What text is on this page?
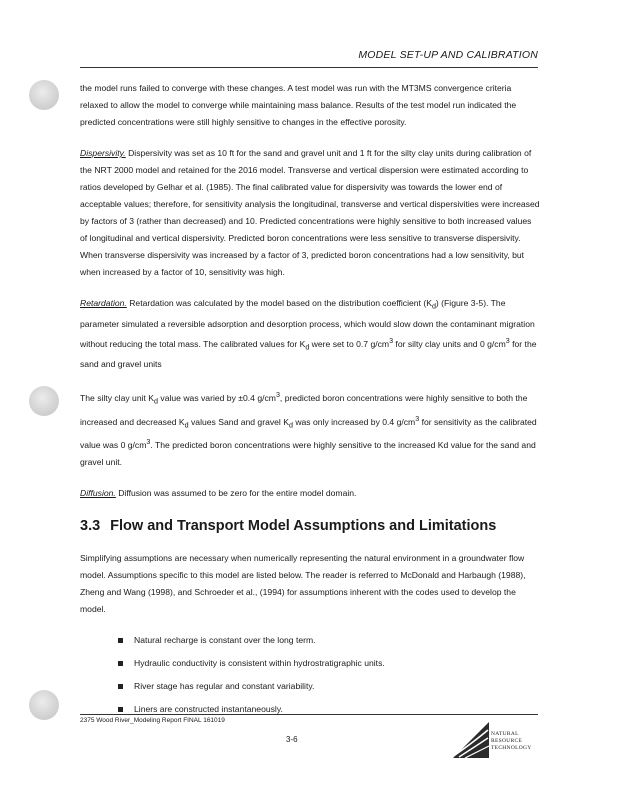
MODEL SET-UP AND CALIBRATION

the model runs failed to converge with these changes. A test model was run with the MT3MS convergence criteria relaxed to allow the model to converge while maintaining mass balance. Results of the test model run indicated the predicted concentrations were still highly sensitive to changes in the effective porosity.

Dispersivity. Dispersivity was set as 10 ft for the sand and gravel unit and 1 ft for the silty clay units during calibration of the NRT 2000 model and retained for the 2016 model. Transverse and vertical dispersion were estimated according to ratios developed by Gelhar et al. (1985). The final calibrated value for dispersivity was towards the lower end of acceptable values; therefore, for sensitivity analysis the longitudinal, transverse and vertical dispersivities were increased by factors of 3 (rather than decreased) and 10. Predicted concentrations were highly sensitive to both increased values of longitudinal and vertical dispersivity. Predicted boron concentrations were less sensitive to transverse dispersivity. When transverse dispersivity was increased by a factor of 3, predicted boron concentrations had a low sensitivity, but when increased by a factor of 10, sensitivity was high.

Retardation. Retardation was calculated by the model based on the distribution coefficient $(K_d)$ (Figure 3-5). The parameter simulated a reversible adsorption and desorption process, which would slow down the contaminant migration without reducing the total mass. The calibrated values for $K_d$ were set to 0.7 $g/cm^3$ for silty clay units and 0 $g/cm^3$ for the sand and gravel units

The silty clay unit $K_d$ value was varied by ±0.4 $g/cm^3$, predicted boron concentrations were highly sensitive to both the increased and decreased $K_d$ values Sand and gravel $K_d$ was only increased by 0.4 $g/cm^3$ for sensitivity as the calibrated value was 0 $g/cm^3$. The predicted boron concentrations were highly sensitive to the increased Kd value for the sand and gravel unit.

Diffusion. Diffusion was assumed to be zero for the entire model domain.

3.3 Flow and Transport Model Assumptions and Limitations

Simplifying assumptions are necessary when numerically representing the natural environment in a groundwater flow model. Assumptions specific to this model are listed below. The reader is referred to McDonald and Harbaugh (1988), Zheng and Wang (1998), and Schroeder et al., (1994) for assumptions inherent with the codes used to develop the model.

Natural recharge is constant over the long term.
Hydraulic conductivity is consistent within hydrostratigraphic units.
River stage has regular and constant variability.
Liners are constructed instantaneously.
2375 Wood River_Modeling Report FINAL 161019
3-6
NATURAL
RESOURCE
TECHNOLOGY
